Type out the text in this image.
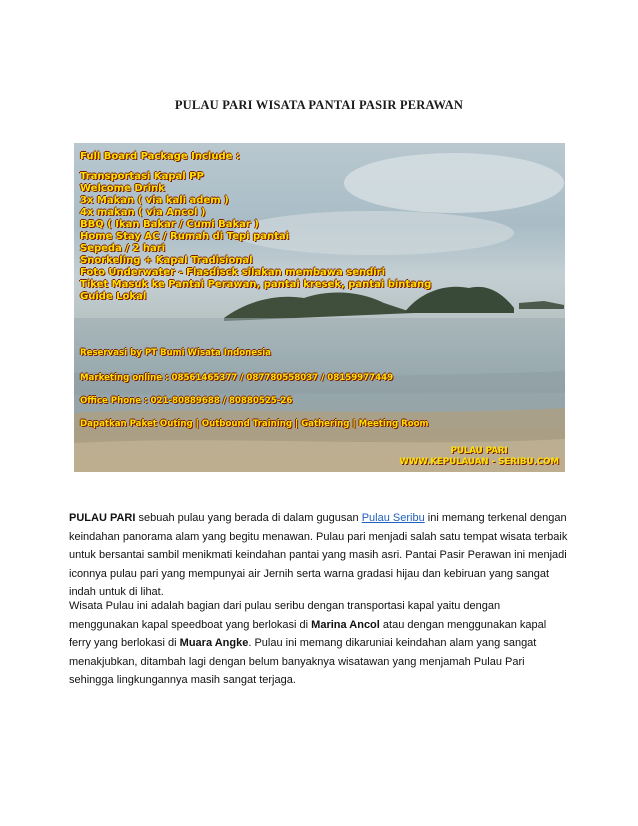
PULAU PARI WISATA PANTAI PASIR PERAWAN
Full Board Package Include :
Transportasi Kapal PP
Welcome Drink
3x Makan ( via kali adem )
4x makan ( via Ancol )
BBQ ( Ikan Bakar / Cumi Bakar )
Home Stay AC / Rumah di Tepi pantai
Sepeda / 2 hari
Snorkeling + Kapal Tradisional
Foto Underwater - Flasdisck silakan membawa sendiri
Tiket Masuk ke Pantai Perawan, pantai kresek, pantai bintang
Guide Lokal
Reservasi by PT Bumi Wisata Indonesia
Marketing online : 08561465377 / 087780558037 / 08159977449
Office Phone : 021-80889688 / 80880525-26
Dapatkan Paket Outing | Outbound Training | Gathering | Meeting Room
PULAU PARI
WWW.KEPULAUAN - SERIBU.COM
PULAU PARI sebuah pulau yang berada di dalam gugusan Pulau Seribu ini memang terkenal dengan keindahan panorama alam yang begitu menawan. Pulau pari menjadi salah satu tempat wisata terbaik untuk bersantai sambil menikmati keindahan pantai yang masih asri. Pantai Pasir Perawan ini menjadi iconnya pulau pari yang mempunyai air Jernih serta warna gradasi hijau dan kebiruan yang sangat indah untuk di lihat.
Wisata Pulau ini adalah bagian dari pulau seribu dengan transportasi kapal yaitu dengan menggunakan kapal speedboat yang berlokasi di Marina Ancol atau dengan menggunakan kapal ferry yang berlokasi di Muara Angke. Pulau ini memang dikaruniai keindahan alam yang sangat menakjubkan, ditambah lagi dengan belum banyaknya wisatawan yang menjamah Pulau Pari sehingga lingkungannya masih sangat terjaga.
